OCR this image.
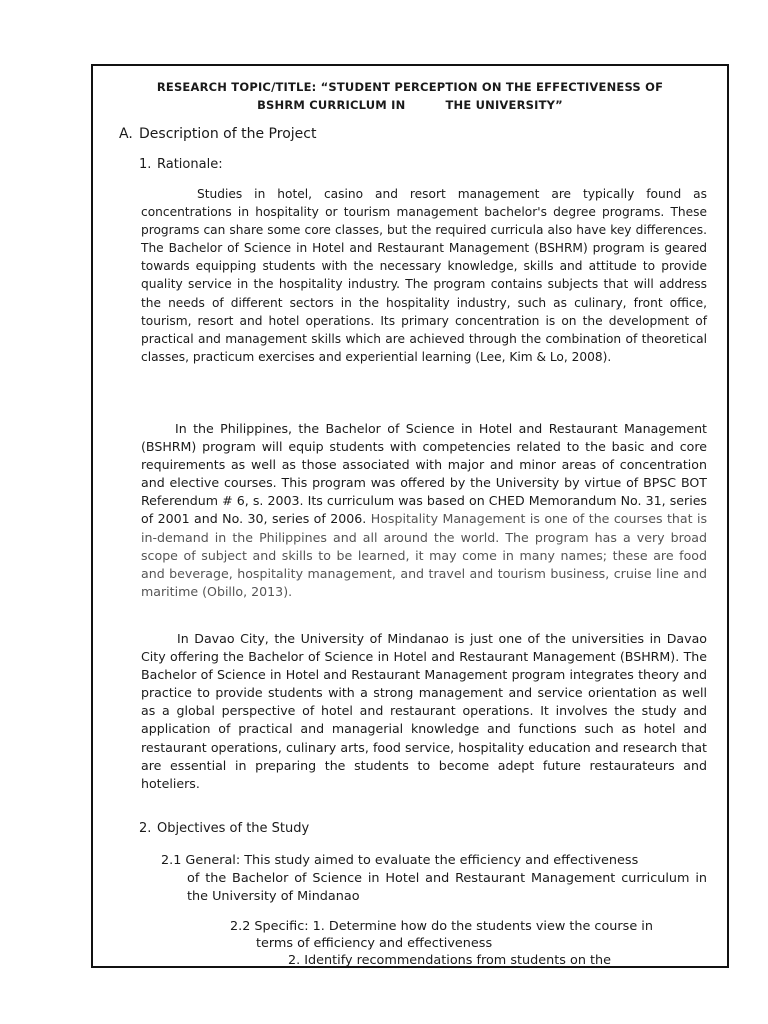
RESEARCH TOPIC/TITLE: “STUDENT PERCEPTION ON THE EFFECTIVENESS OF
BSHRM CURRICLUM IN	THE UNIVERSITY”
A. Description of the Project
1. Rationale:
Studies in hotel, casino and resort management are typically found as concentrations in hospitality or tourism management bachelor's degree programs. These programs can share some core classes, but the required curricula also have key differences. The Bachelor of Science in Hotel and Restaurant Management (BSHRM) program is geared towards equipping students with the necessary knowledge, skills and attitude to provide quality service in the hospitality industry. The program contains subjects that will address the needs of different sectors in the hospitality industry, such as culinary, front office, tourism, resort and hotel operations. Its primary concentration is on the development of practical and management skills which are achieved through the combination of theoretical classes, practicum exercises and experiential learning (Lee, Kim & Lo, 2008).
In the Philippines, the Bachelor of Science in Hotel and Restaurant Management (BSHRM) program will equip students with competencies related to the basic and core requirements as well as those associated with major and minor areas of concentration and elective courses. This program was offered by the University by virtue of BPSC BOT Referendum # 6, s. 2003. Its curriculum was based on CHED Memorandum No. 31, series of 2001 and No. 30, series of 2006. Hospitality Management is one of the courses that is in-demand in the Philippines and all around the world. The program has a very broad scope of subject and skills to be learned, it may come in many names; these are food and beverage, hospitality management, and travel and tourism business, cruise line and maritime (Obillo, 2013).
In Davao City, the University of Mindanao is just one of the universities in Davao City offering the Bachelor of Science in Hotel and Restaurant Management (BSHRM). The Bachelor of Science in Hotel and Restaurant Management program integrates theory and practice to provide students with a strong management and service orientation as well as a global perspective of hotel and restaurant operations. It involves the study and application of practical and managerial knowledge and functions such as hotel and restaurant operations, culinary arts, food service, hospitality education and research that are essential in preparing the students to become adept future restaurateurs and hoteliers.
2. Objectives of the Study
2.1 General: This study aimed to evaluate the efficiency and effectiveness
of the Bachelor of Science in Hotel and Restaurant Management curriculum in the University of Mindanao
2.2 Specific: 1. Determine how do the students view the course in
terms of efficiency and effectiveness
2. Identify recommendations from students on the
